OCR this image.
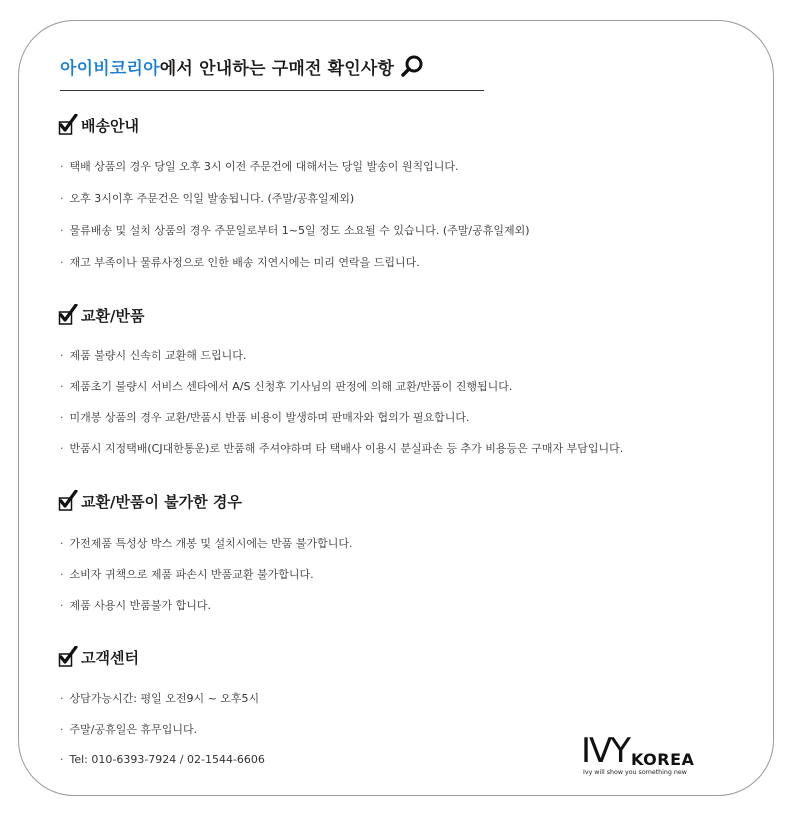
아이비코리아에서 안내하는 구매전 확인사항
배송안내
· 택배 상품의 경우 당일 오후 3시 이전 주문건에 대해서는 당일 발송이 원칙입니다.
· 오후 3시이후 주문건은 익일 발송됩니다. (주말/공휴일제외)
· 물류배송 및 설치 상품의 경우 주문일로부터 1~5일 정도 소요될 수 있습니다. (주말/공휴일제외)
· 재고 부족이나 물류사정으로 인한 배송 지연시에는 미리 연락을 드립니다.
교환/반품
· 제품 불량시 신속히 교환해 드립니다.
· 제품초기 불량시 서비스 센타에서 A/S 신청후 기사님의 판정에 의해 교환/반품이 진행됩니다.
· 미개봉 상품의 경우 교환/반품시 반품 비용이 발생하며 판매자와 협의가 필요합니다.
· 반품시 지정택배(CJ대한통운)로 반품해 주셔야하며 타 택배사 이용시 분실파손 등 추가 비용등은 구매자 부담입니다.
교환/반품이 불가한 경우
· 가전제품 특성상 박스 개봉 및 설치시에는 반품 불가합니다.
· 소비자 귀책으로 제품 파손시 반품교환 불가합니다.
· 제품 사용시 반품불가 합니다.
고객센터
· 상담가능시간: 평일 오전9시 ~ 오후5시
· 주말/공휴일은 휴무입니다.
· Tel: 010-6393-7924 / 02-1544-6606	IVY KOREA
Ivy will show you something new
